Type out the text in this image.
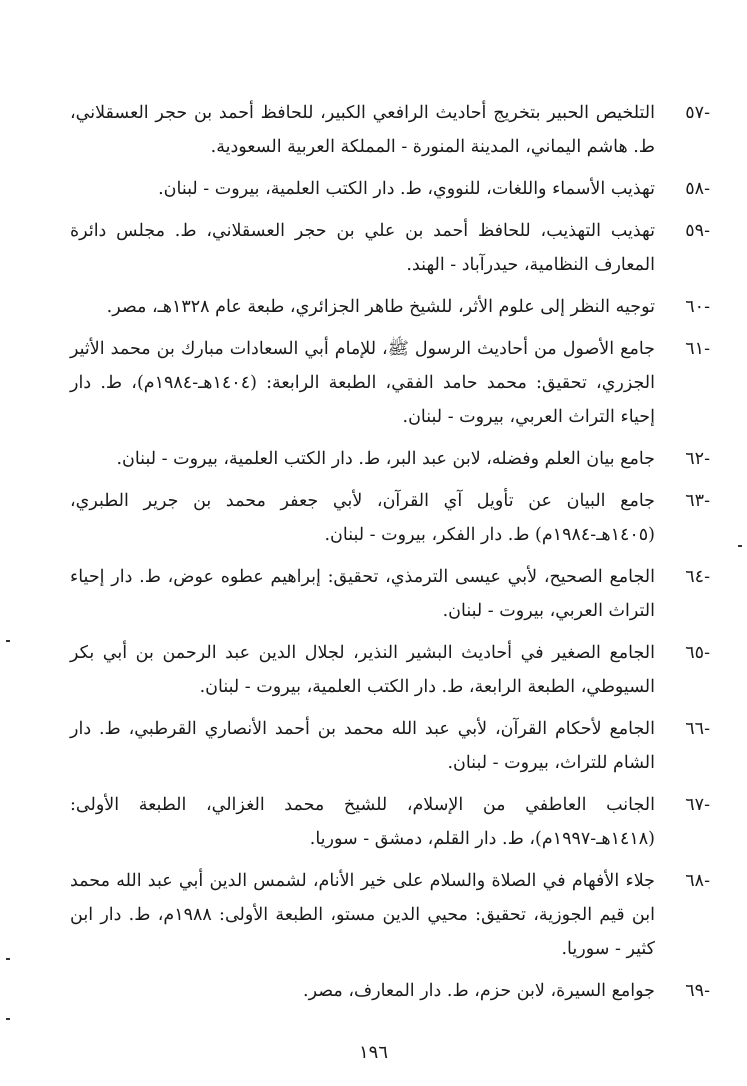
-٥٧
التلخيص الحبير بتخريج أحاديث الرافعي الكبير، للحافظ أحمد بن حجر العسقلاني، ط. هاشم اليماني، المدينة المنورة - المملكة العربية السعودية.
-٥٨
تهذيب الأسماء واللغات، للنووي، ط. دار الكتب العلمية، بيروت - لبنان.
-٥٩
تهذيب التهذيب، للحافظ أحمد بن علي بن حجر العسقلاني، ط. مجلس دائرة المعارف النظامية، حيدرآباد - الهند.
-٦٠
توجيه النظر إلى علوم الأثر، للشيخ طاهر الجزائري، طبعة عام ١٣٢٨هـ، مصر.
-٦١
جامع الأصول من أحاديث الرسول ﷺ، للإمام أبي السعادات مبارك بن محمد الأثير الجزري، تحقيق: محمد حامد الفقي، الطبعة الرابعة: (١٤٠٤هـ-١٩٨٤م)، ط. دار إحياء التراث العربي، بيروت - لبنان.
-٦٢
جامع بيان العلم وفضله، لابن عبد البر، ط. دار الكتب العلمية، بيروت - لبنان.
-٦٣
جامع البيان عن تأويل آي القرآن، لأبي جعفر محمد بن جرير الطبري، (١٤٠٥هـ-١٩٨٤م) ط. دار الفكر، بيروت - لبنان.
-٦٤
الجامع الصحيح، لأبي عيسى الترمذي، تحقيق: إبراهيم عطوه عوض، ط. دار إحياء التراث العربي، بيروت - لبنان.
-٦٥
الجامع الصغير في أحاديث البشير النذير، لجلال الدين عبد الرحمن بن أبي بكر السيوطي، الطبعة الرابعة، ط. دار الكتب العلمية، بيروت - لبنان.
-٦٦
الجامع لأحكام القرآن، لأبي عبد الله محمد بن أحمد الأنصاري القرطبي، ط. دار الشام للتراث، بيروت - لبنان.
-٦٧
الجانب العاطفي من الإسلام، للشيخ محمد الغزالي، الطبعة الأولى: (١٤١٨هـ-١٩٩٧م)، ط. دار القلم، دمشق - سوريا.
-٦٨
جلاء الأفهام في الصلاة والسلام على خير الأنام، لشمس الدين أبي عبد الله محمد ابن قيم الجوزية، تحقيق: محيي الدين مستو، الطبعة الأولى: ١٩٨٨م، ط. دار ابن كثير - سوريا.
-٦٩
جوامع السيرة، لابن حزم، ط. دار المعارف، مصر.
١٩٦
